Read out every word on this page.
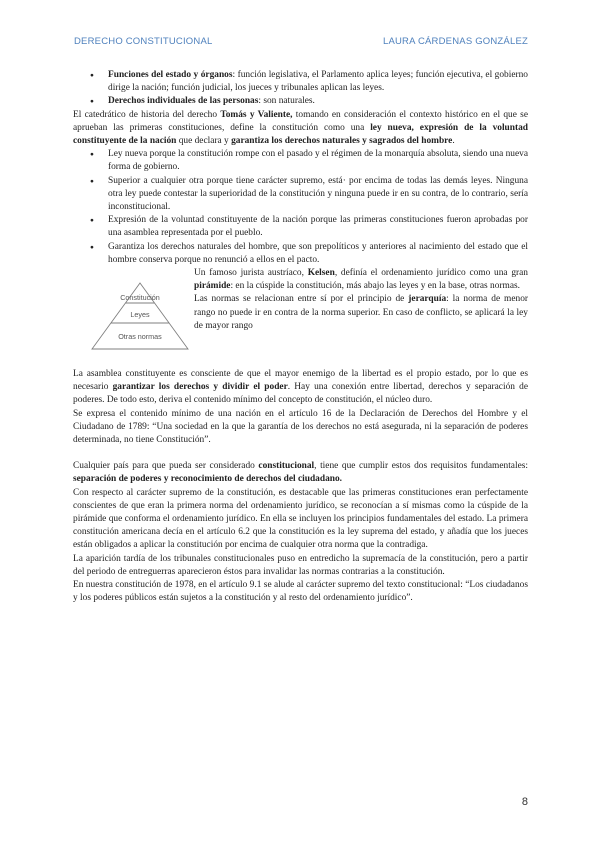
DERECHO CONSTITUCIONAL	LAURA CÁRDENAS GONZÁLEZ
● Funciones del estado y órganos: función legislativa, el Parlamento aplica leyes; función ejecutiva, el gobierno dirige la nación; función judicial, los jueces y tribunales aplican las leyes.
● Derechos individuales de las personas: son naturales.

El catedrático de historia del derecho Tomás y Valiente, tomando en consideración el contexto histórico en el que se aprueban las primeras constituciones, define la constitución como una ley nueva, expresión de la voluntad constituyente de la nación que declara y garantiza los derechos naturales y sagrados del hombre.

● Ley nueva porque la constitución rompe con el pasado y el régimen de la monarquía absoluta, siendo una nueva forma de gobierno.
● Superior a cualquier otra porque tiene carácter supremo, está· por encima de todas las demás leyes. Ninguna otra ley puede contestar la superioridad de la constitución y ninguna puede ir en su contra, de lo contrario, sería inconstitucional.
● Expresión de la voluntad constituyente de la nación porque las primeras constituciones fueron aprobadas por una asamblea representada por el pueblo.
● Garantiza los derechos naturales del hombre, que son prepolíticos y anteriores al nacimiento del estado que el hombre conserva porque no renunció a ellos en el pacto.
Constitución
Leyes
Otras normas

Un famoso jurista austríaco, Kelsen, definía el ordenamiento jurídico como una gran pirámide: en la cúspide la constitución, más abajo las leyes y en la base, otras normas.

Las normas se relacionan entre sí por el principio de jerarquía: la norma de menor rango no puede ir en contra de la norma superior. En caso de conflicto, se aplicará la ley de mayor rango

La asamblea constituyente es consciente de que el mayor enemigo de la libertad es el propio estado, por lo que es necesario garantizar los derechos y dividir el poder. Hay una conexión entre libertad, derechos y separación de poderes. De todo esto, deriva el contenido mínimo del concepto de constitución, el núcleo duro.

Se expresa el contenido mínimo de una nación en el artículo 16 de la Declaración de Derechos del Hombre y el Ciudadano de 1789: “Una sociedad en la que la garantía de los derechos no está asegurada, ni la separación de poderes determinada, no tiene Constitución”.

Cualquier país para que pueda ser considerado constitucional, tiene que cumplir estos dos requisitos fundamentales: separación de poderes y reconocimiento de derechos del ciudadano.

Con respecto al carácter supremo de la constitución, es destacable que las primeras constituciones eran perfectamente conscientes de que eran la primera norma del ordenamiento jurídico, se reconocían a sí mismas como la cúspide de la pirámide que conforma el ordenamiento jurídico. En ella se incluyen los principios fundamentales del estado. La primera constitución americana decía en el artículo 6.2 que la constitución es la ley suprema del estado, y añadía que los jueces están obligados a aplicar la constitución por encima de cualquier otra norma que la contradiga.

La aparición tardía de los tribunales constitucionales puso en entredicho la supremacía de la constitución, pero a partir del periodo de entreguerras aparecieron éstos para invalidar las normas contrarias a la constitución.

En nuestra constitución de 1978, en el artículo 9.1 se alude al carácter supremo del texto constitucional: “Los ciudadanos y los poderes públicos están sujetos a la constitución y al resto del ordenamiento jurídico”.

8
